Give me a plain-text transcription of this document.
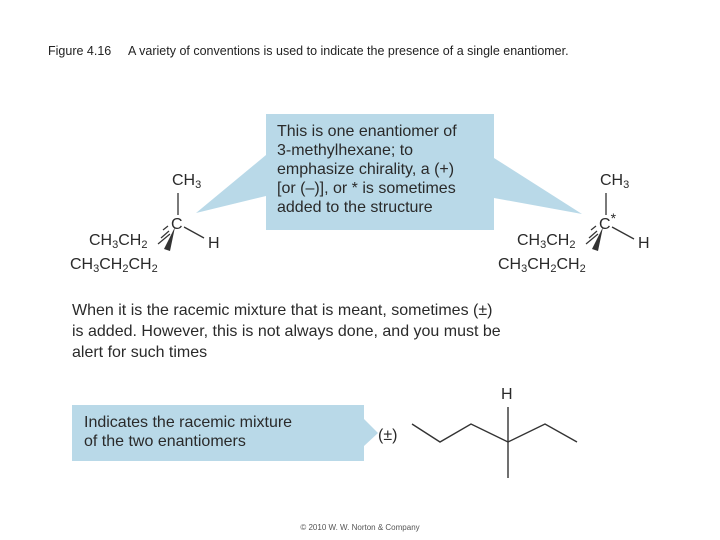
Figure 4.16 A variety of conventions is used to indicate the presence of a single enantiomer.
This is one enantiomer of
3-methylhexane; to
emphasize chirality, a (+)
[or (–)], or * is sometimes
added to the structure
$CH_3$
C
H
$CH_3CH_2$
$CH_3CH_2CH_2$
$CH_3$
C*
H
$CH_3CH_2$
$CH_3CH_2CH_2$
When it is the racemic mixture that is meant, sometimes (±)
is added. However, this is not always done, and you must be
alert for such times
Indicates the racemic mixture
of the two enantiomers	(±)
H
© 2010 W. W. Norton & Company
